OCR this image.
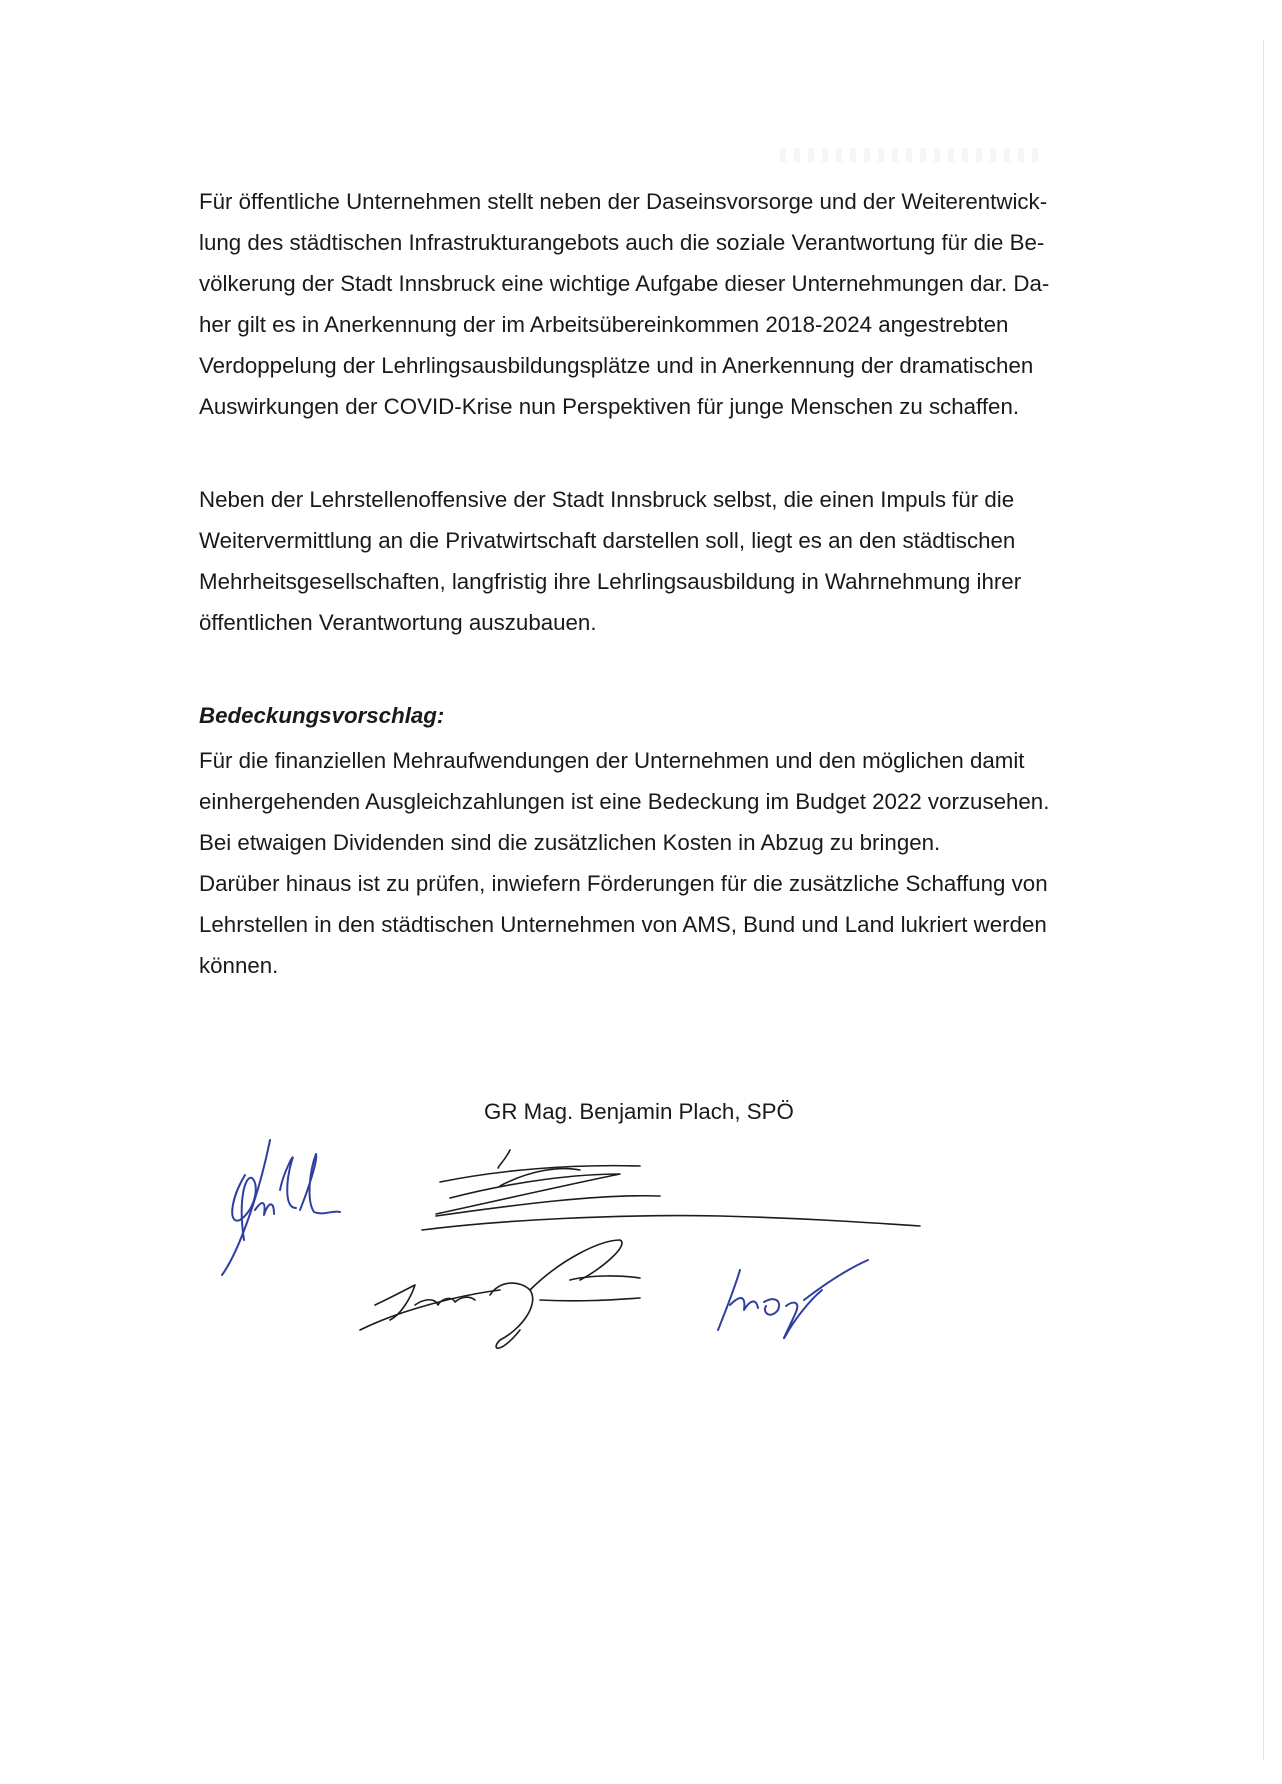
Für öffentliche Unternehmen stellt neben der Daseinsvorsorge und der Weiterentwick-

lung des städtischen Infrastrukturangebots auch die soziale Verantwortung für die Be-

völkerung der Stadt Innsbruck eine wichtige Aufgabe dieser Unternehmungen dar. Da-

her gilt es in Anerkennung der im Arbeitsübereinkommen 2018-2024 angestrebten

Verdoppelung der Lehrlingsausbildungsplätze und in Anerkennung der dramatischen

Auswirkungen der COVID-Krise nun Perspektiven für junge Menschen zu schaffen.

Neben der Lehrstellenoffensive der Stadt Innsbruck selbst, die einen Impuls für die

Weitervermittlung an die Privatwirtschaft darstellen soll, liegt es an den städtischen

Mehrheitsgesellschaften, langfristig ihre Lehrlingsausbildung in Wahrnehmung ihrer

öffentlichen Verantwortung auszubauen.

Bedeckungsvorschlag:

Für die finanziellen Mehraufwendungen der Unternehmen und den möglichen damit

einhergehenden Ausgleichzahlungen ist eine Bedeckung im Budget 2022 vorzusehen.

Bei etwaigen Dividenden sind die zusätzlichen Kosten in Abzug zu bringen.

Darüber hinaus ist zu prüfen, inwiefern Förderungen für die zusätzliche Schaffung von

Lehrstellen in den städtischen Unternehmen von AMS, Bund und Land lukriert werden

können.

GR Mag. Benjamin Plach, SPÖ
